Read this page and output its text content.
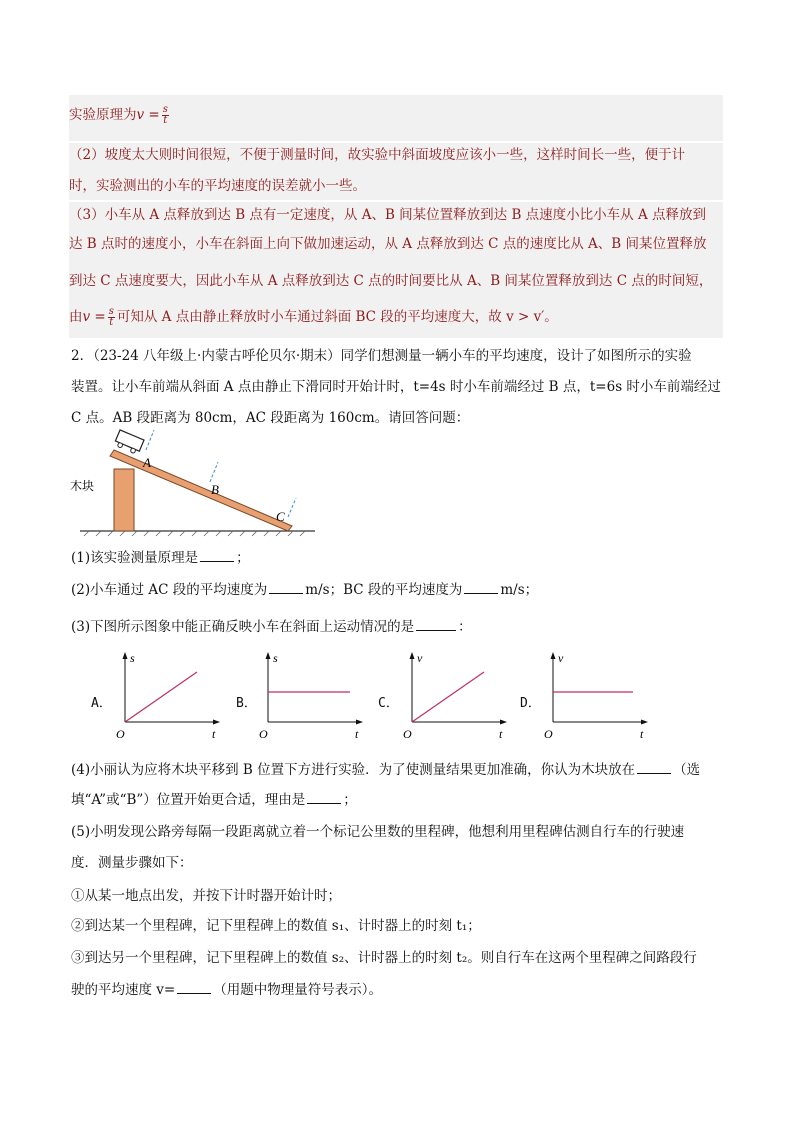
实验原理为$v = \frac{s}{t}$
（2）坡度太大则时间很短，不便于测量时间，故实验中斜面坡度应该小一些，这样时间长一些，便于计
时，实验测出的小车的平均速度的误差就小一些。
（3）小车从 A 点释放到达 B 点有一定速度，从 A、B 间某位置释放到达 B 点速度小比小车从 A 点释放到
达 B 点时的速度小，小车在斜面上向下做加速运动，从 A 点释放到达 C 点的速度比从 A、B 间某位置释放
到达 C 点速度要大，因此小车从 A 点释放到达 C 点的时间要比从 A、B 间某位置释放到达 C 点的时间短，
由$v = \frac{s}{t}$ 可知从 A 点由静止释放时小车通过斜面 BC 段的平均速度大，故 v > v′。
2．（23-24 八年级上·内蒙古呼伦贝尔·期末）同学们想测量一辆小车的平均速度，设计了如图所示的实验
装置。让小车前端从斜面 A 点由静止下滑同时开始计时，t=4s 时小车前端经过 B 点，t=6s 时小车前端经过
C 点。AB 段距离为 80cm，AC 段距离为 160cm。请回答问题：
A
B
C
木块
(1)该实验测量原理是	；
(2)小车通过 AC 段的平均速度为	m/s；BC 段的平均速度为	m/s；
(3)下图所示图象中能正确反映小车在斜面上运动情况的是	：
A．
s
t
O
B．
s
t
O
C．
v
t
O
D．
v
t
O
(4)小丽认为应将木块平移到 B 位置下方进行实验．为了使测量结果更加准确，你认为木块放在	（选
填“A”或“B”）位置开始更合适，理由是	；
(5)小明发现公路旁每隔一段距离就立着一个标记公里数的里程碑，他想利用里程碑估测自行车的行驶速
度．测量步骤如下：
①从某一地点出发，并按下计时器开始计时；
②到达某一个里程碑，记下里程碑上的数值 s₁、计时器上的时刻 t₁；
③到达另一个里程碑，记下里程碑上的数值 s₂、计时器上的时刻 t₂。则自行车在这两个里程碑之间路段行
驶的平均速度 v=	（用题中物理量符号表示）。
